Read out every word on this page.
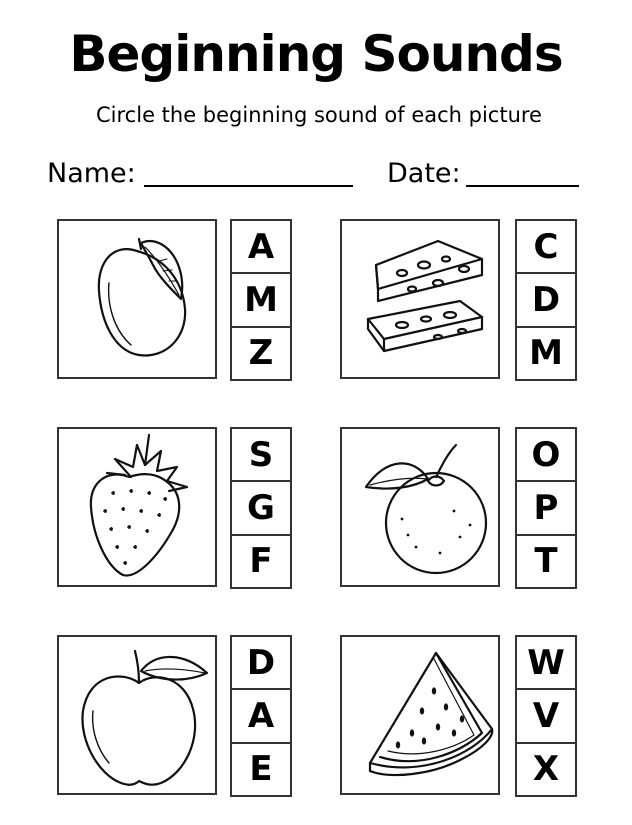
Beginning Sounds
Circle the beginning sound of each picture
Name:	Date:
A
M
Z
C
D
M
S
G
F
O
P
T
D
A
E
W
V
X
